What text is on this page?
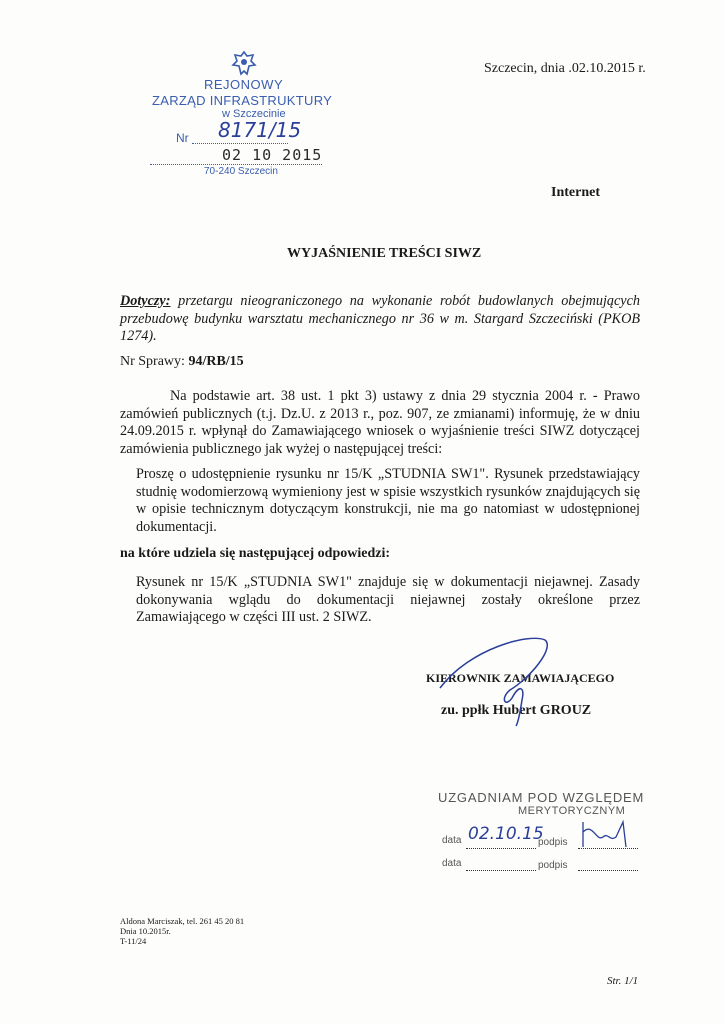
REJONOWY
ZARZĄD INFRASTRUKTURY
w Szczecinie
Nr 8171/15
02 10 2015
70-240 Szczecin
Szczecin, dnia .02.10.2015 r.
Internet
WYJAŚNIENIE TREŚCI SIWZ
Dotyczy: przetargu nieograniczonego na wykonanie robót budowlanych obejmujących przebudowę budynku warsztatu mechanicznego nr 36 w m. Stargard Szczeciński (PKOB 1274).
Nr Sprawy: 94/RB/15
Na podstawie art. 38 ust. 1 pkt 3) ustawy z dnia 29 stycznia 2004 r. - Prawo zamówień publicznych (t.j. Dz.U. z 2013 r., poz. 907, ze zmianami) informuję, że w dniu 24.09.2015 r. wpłynął do Zamawiającego wniosek o wyjaśnienie treści SIWZ dotyczącej zamówienia publicznego jak wyżej o następującej treści:
Proszę o udostępnienie rysunku nr 15/K „STUDNIA SW1". Rysunek przedstawiający studnię wodomierzową wymieniony jest w spisie wszystkich rysunków znajdujących się w opisie technicznym dotyczącym konstrukcji, nie ma go natomiast w udostępnionej dokumentacji.
na które udziela się następującej odpowiedzi:
Rysunek nr 15/K „STUDNIA SW1" znajduje się w dokumentacji niejawnej. Zasady dokonywania wglądu do dokumentacji niejawnej zostały określone przez Zamawiającego w części III ust. 2 SIWZ.
KIEROWNIK ZAMAWIAJĄCEGO
zu. ppłk Hubert GROUZ
UZGADNIAM POD WZGLĘDEM
MERYTORYCZNYM
data 02.10.15
podpis
data	podpis
Aldona Marciszak, tel. 261 45 20 81
Dnia 10.2015r.
T-11/24
Str. 1/1
